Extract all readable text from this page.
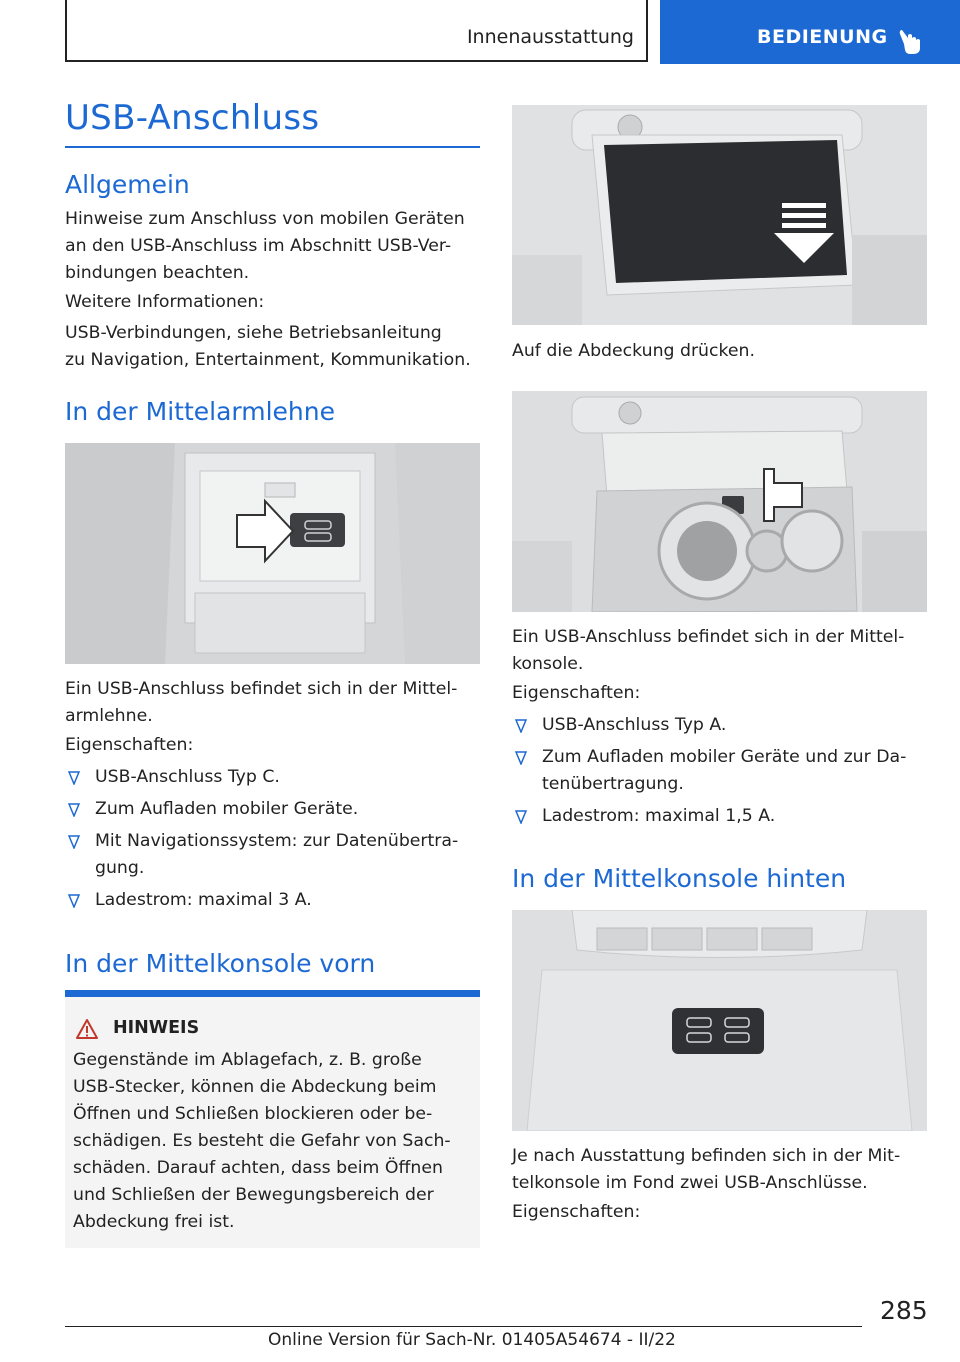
Innenausstattung	BEDIENUNG
USB-Anschluss
Allgemein
Hinweise zum Anschluss von mobilen Geräten
an den USB-Anschluss im Abschnitt USB-Ver-
bindungen beachten.
Weitere Informationen:
USB-Verbindungen, siehe Betriebsanleitung
zu Navigation, Entertainment, Kommunikation.
In der Mittelarmlehne
Ein USB-Anschluss befindet sich in der Mittel-
armlehne.
Eigenschaften:
USB-Anschluss Typ C.
Zum Aufladen mobiler Geräte.
Mit Navigationssystem: zur Datenübertra-
gung.
Ladestrom: maximal 3 A.
In der Mittelkonsole vorn
HINWEIS
Gegenstände im Ablagefach, z. B. große
USB-Stecker, können die Abdeckung beim
Öffnen und Schließen blockieren oder be-
schädigen. Es besteht die Gefahr von Sach-
schäden. Darauf achten, dass beim Öffnen
und Schließen der Bewegungsbereich der
Abdeckung frei ist.
Auf die Abdeckung drücken.
Ein USB-Anschluss befindet sich in der Mittel-
konsole.
Eigenschaften:
USB-Anschluss Typ A.
Zum Aufladen mobiler Geräte und zur Da-
tenübertragung.
Ladestrom: maximal 1,5 A.
In der Mittelkonsole hinten
Je nach Ausstattung befinden sich in der Mit-
telkonsole im Fond zwei USB-Anschlüsse.
Eigenschaften:
285
Online Version für Sach-Nr. 01405A54674 - II/22
